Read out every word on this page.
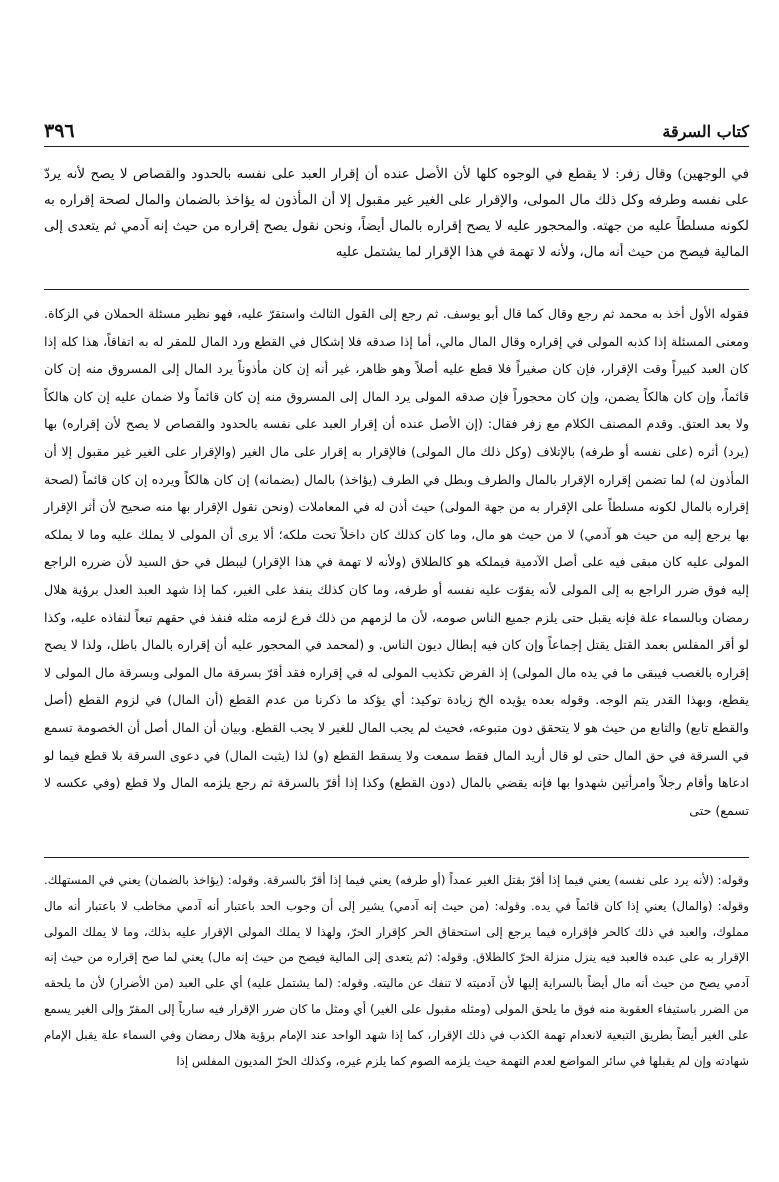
كتاب السرقة
٣٩٦

في الوجهين) وقال زفر: لا يقطع في الوجوه كلها لأن الأصل عنده أن إقرار العبد على نفسه بالحدود والقصاص لا يصح لأنه يردّ على نفسه وطرفه وكل ذلك مال المولى، والإقرار على الغير غير مقبول إلا أن المأذون له يؤاخذ بالضمان والمال لصحة إقراره به لكونه مسلطاً عليه من جهته. والمحجور عليه لا يصح إقراره بالمال أيضاً، ونحن نقول يصح إقراره من حيث إنه آدمي ثم يتعدى إلى المالية فيصح من حيث أنه مال، ولأنه لا تهمة في هذا الإقرار لما يشتمل عليه

فقوله الأول أخذ به محمد ثم رجع وقال كما قال أبو يوسف. ثم رجع إلى القول الثالث واستقرّ عليه، فهو نظير مسئلة الحملان في الزكاة. ومعنى المسئلة إذا كذبه المولى في إقراره وقال المال مالي، أما إذا صدقه فلا إشكال في القطع ورد المال للمقر له به اتفاقاً، هذا كله إذا كان العبد كبيراً وقت الإقرار، فإن كان صغيراً فلا قطع عليه أصلاً وهو ظاهر، غير أنه إن كان مأذوناً يرد المال إلى المسروق منه إن كان قائماً، وإن كان هالكاً يضمن، وإن كان محجوراً فإن صدقه المولى يرد المال إلى المسروق منه إن كان قائماً ولا ضمان عليه إن كان هالكاً ولا بعد العتق. وقدم المصنف الكلام مع زفر فقال: (إن الأصل عنده أن إقرار العبد على نفسه بالحدود والقصاص لا يصح لأن إقراره) بها (يرد) أثره (على نفسه أو طرفه) بالإتلاف (وكل ذلك مال المولى) فالإقرار به إقرار على مال الغير (والإقرار على الغير غير مقبول إلا أن المأذون له) لما تضمن إقراره الإقرار بالمال والطرف وبطل في الطرف (يؤاخذ) بالمال (بضمانه) إن كان هالكاً ويرده إن كان قائماً (لصحة إقراره بالمال لكونه مسلطاً على الإقرار به من جهة المولى) حيث أذن له في المعاملات (ونحن نقول الإقرار بها منه صحيح لأن أثر الإقرار بها يرجع إليه من حيث هو آدمي) لا من حيث هو مال، وما كان كذلك كان داخلاً تحت ملكه؛ ألا يرى أن المولى لا يملك عليه وما لا يملكه المولى عليه كان مبقى فيه على أصل الآدمية فيملكه هو كالطلاق (ولأنه لا تهمة في هذا الإقرار) ليبطل في حق السيد لأن ضرره الراجع إليه فوق ضرر الراجع به إلى المولى لأنه يفوّت عليه نفسه أو طرفه، وما كان كذلك ينفذ على الغير، كما إذا شهد العبد العدل برؤية هلال رمضان وبالسماء علة فإنه يقبل حتى يلزم جميع الناس صومه، لأن ما لزمهم من ذلك فرع لزمه مثله فنفذ في حقهم تبعاً لنفاذه عليه، وكذا لو أقر المفلس بعمد القتل يقتل إجماعاً وإن كان فيه إبطال ديون الناس. و (لمحمد في المحجور عليه أن إقراره بالمال باطل، ولذا لا يصح إقراره بالغصب فيبقى ما في يده مال المولى) إذ الفرض تكذيب المولى له في إقراره فقد أقرّ بسرقة مال المولى وبسرقة مال المولى لا يقطع، وبهذا القدر يتم الوجه. وقوله بعده يؤيده الخ زيادة توكيد: أي يؤكد ما ذكرنا من عدم القطع (أن المال) في لزوم القطع (أصل والقطع تابع) والتابع من حيث هو لا يتحقق دون متبوعه، فحيث لم يجب المال للغير لا يجب القطع. وبيان أن المال أصل أن الخصومة تسمع في السرقة في حق المال حتى لو قال أريد المال فقط سمعت ولا يسقط القطع (و) لذا (يثبت المال) في دعوى السرقة بلا قطع فيما لو ادعاها وأقام رجلاً وامرأتين شهدوا بها فإنه يقضي بالمال (دون القطع) وكذا إذا أقرّ بالسرقة ثم رجع يلزمه المال ولا قطع (وفي عكسه لا تسمع) حتى

وقوله: (لأنه يرد على نفسه) يعني فيما إذا أقرّ بقتل الغير عمداً (أو طرفه) يعني فيما إذا أقرّ بالسرقة. وقوله: (يؤاخذ بالضمان) يعني في المستهلك. وقوله: (والمال) يعني إذا كان قائماً في يده. وقوله: (من حيث إنه آدمي) يشير إلى أن وجوب الحد باعتبار أنه آدمي مخاطب لا باعتبار أنه مال مملوك، والعبد في ذلك كالحر فإقراره فيما يرجع إلى استحقاق الحر كإقرار الحرّ، ولهذا لا يملك المولى الإقرار عليه بذلك، وما لا يملك المولى الإقرار به على عبده فالعبد فيه ينزل منزلة الحرّ كالطلاق. وقوله: (ثم يتعدى إلى المالية فيصح من حيث إنه مال) يعني لما صح إقراره من حيث إنه آدمي يصح من حيث أنه مال أيضاً بالسراية إليها لأن آدميته لا تنفك عن ماليته. وقوله: (لما يشتمل عليه) أي على العبد (من الأضرار) لأن ما يلحقه من الضرر باستيفاء العقوبة منه فوق ما يلحق المولى (ومثله مقبول على الغير) أي ومثل ما كان ضرر الإقرار فيه سارياً إلى المقرّ وإلى الغير يسمع على الغير أيضاً بطريق التبعية لانعدام تهمة الكذب في ذلك الإقرار، كما إذا شهد الواحد عند الإمام برؤية هلال رمضان وفي السماء علة يقبل الإمام شهادته وإن لم يقبلها في سائر المواضع لعدم التهمة حيث يلزمه الصوم كما يلزم غيره، وكذلك الحرّ المديون المفلس إذا
